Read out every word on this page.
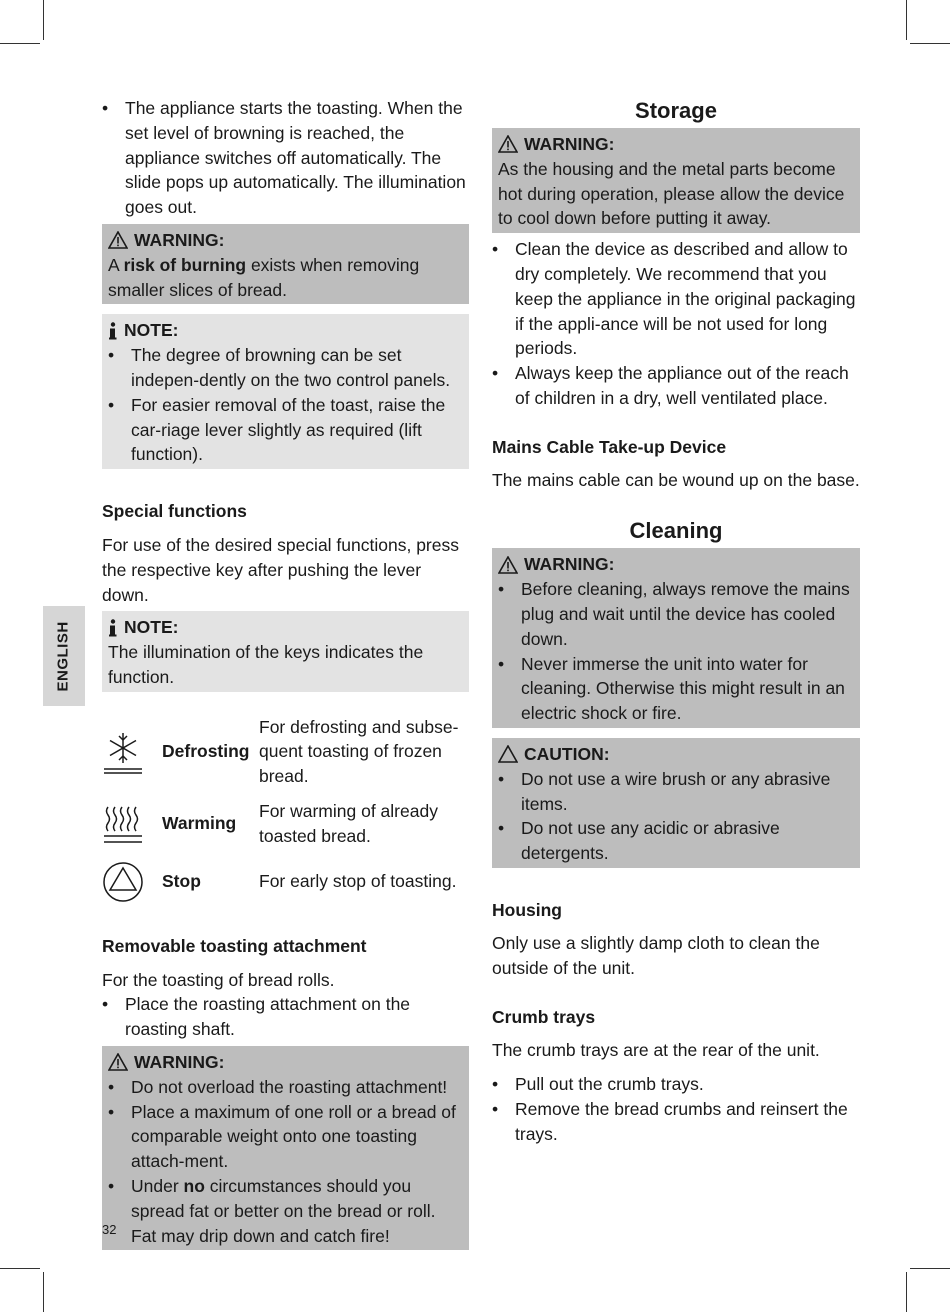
ENGLISH
• The appliance starts the toasting. When the set level of browning is reached, the appliance switches off automatically. The slide pops up automatically. The illumination goes out.
WARNING:

A risk of burning exists when removing smaller slices of bread.

NOTE:
• The degree of browning can be set indepen-dently on the two control panels.
• For easier removal of the toast, raise the car-riage lever slightly as required (lift function).

Special functions

For use of the desired special functions, press the respective key after pushing the lever down.

NOTE:

The illumination of the keys indicates the function.

Defrosting
For defrosting and subse-quent toasting of frozen bread.
Warming
For warming of already toasted bread.
Stop	For early stop of toasting.

Removable toasting attachment

For the toasting of bread rolls.

• Place the roasting attachment on the roasting shaft.
WARNING:
• Do not overload the roasting attachment!
• Place a maximum of one roll or a bread of comparable weight onto one toasting attach-ment.
• Under no circumstances should you spread fat or better on the bread or roll. Fat may drip down and catch fire!

Storage

WARNING:

As the housing and the metal parts become hot during operation, please allow the device to cool down before putting it away.

• Clean the device as described and allow to dry completely. We recommend that you keep the appliance in the original packaging if the appli-ance will be not used for long periods.
• Always keep the appliance out of the reach of children in a dry, well ventilated place.

Mains Cable Take-up Device

The mains cable can be wound up on the base.

Cleaning

WARNING:
• Before cleaning, always remove the mains plug and wait until the device has cooled down.
• Never immerse the unit into water for cleaning. Otherwise this might result in an electric shock or fire.
CAUTION:
• Do not use a wire brush or any abrasive items.
• Do not use any acidic or abrasive detergents.

Housing

Only use a slightly damp cloth to clean the outside of the unit.

Crumb trays

The crumb trays are at the rear of the unit.

• Pull out the crumb trays.
• Remove the bread crumbs and reinsert the trays.
32
